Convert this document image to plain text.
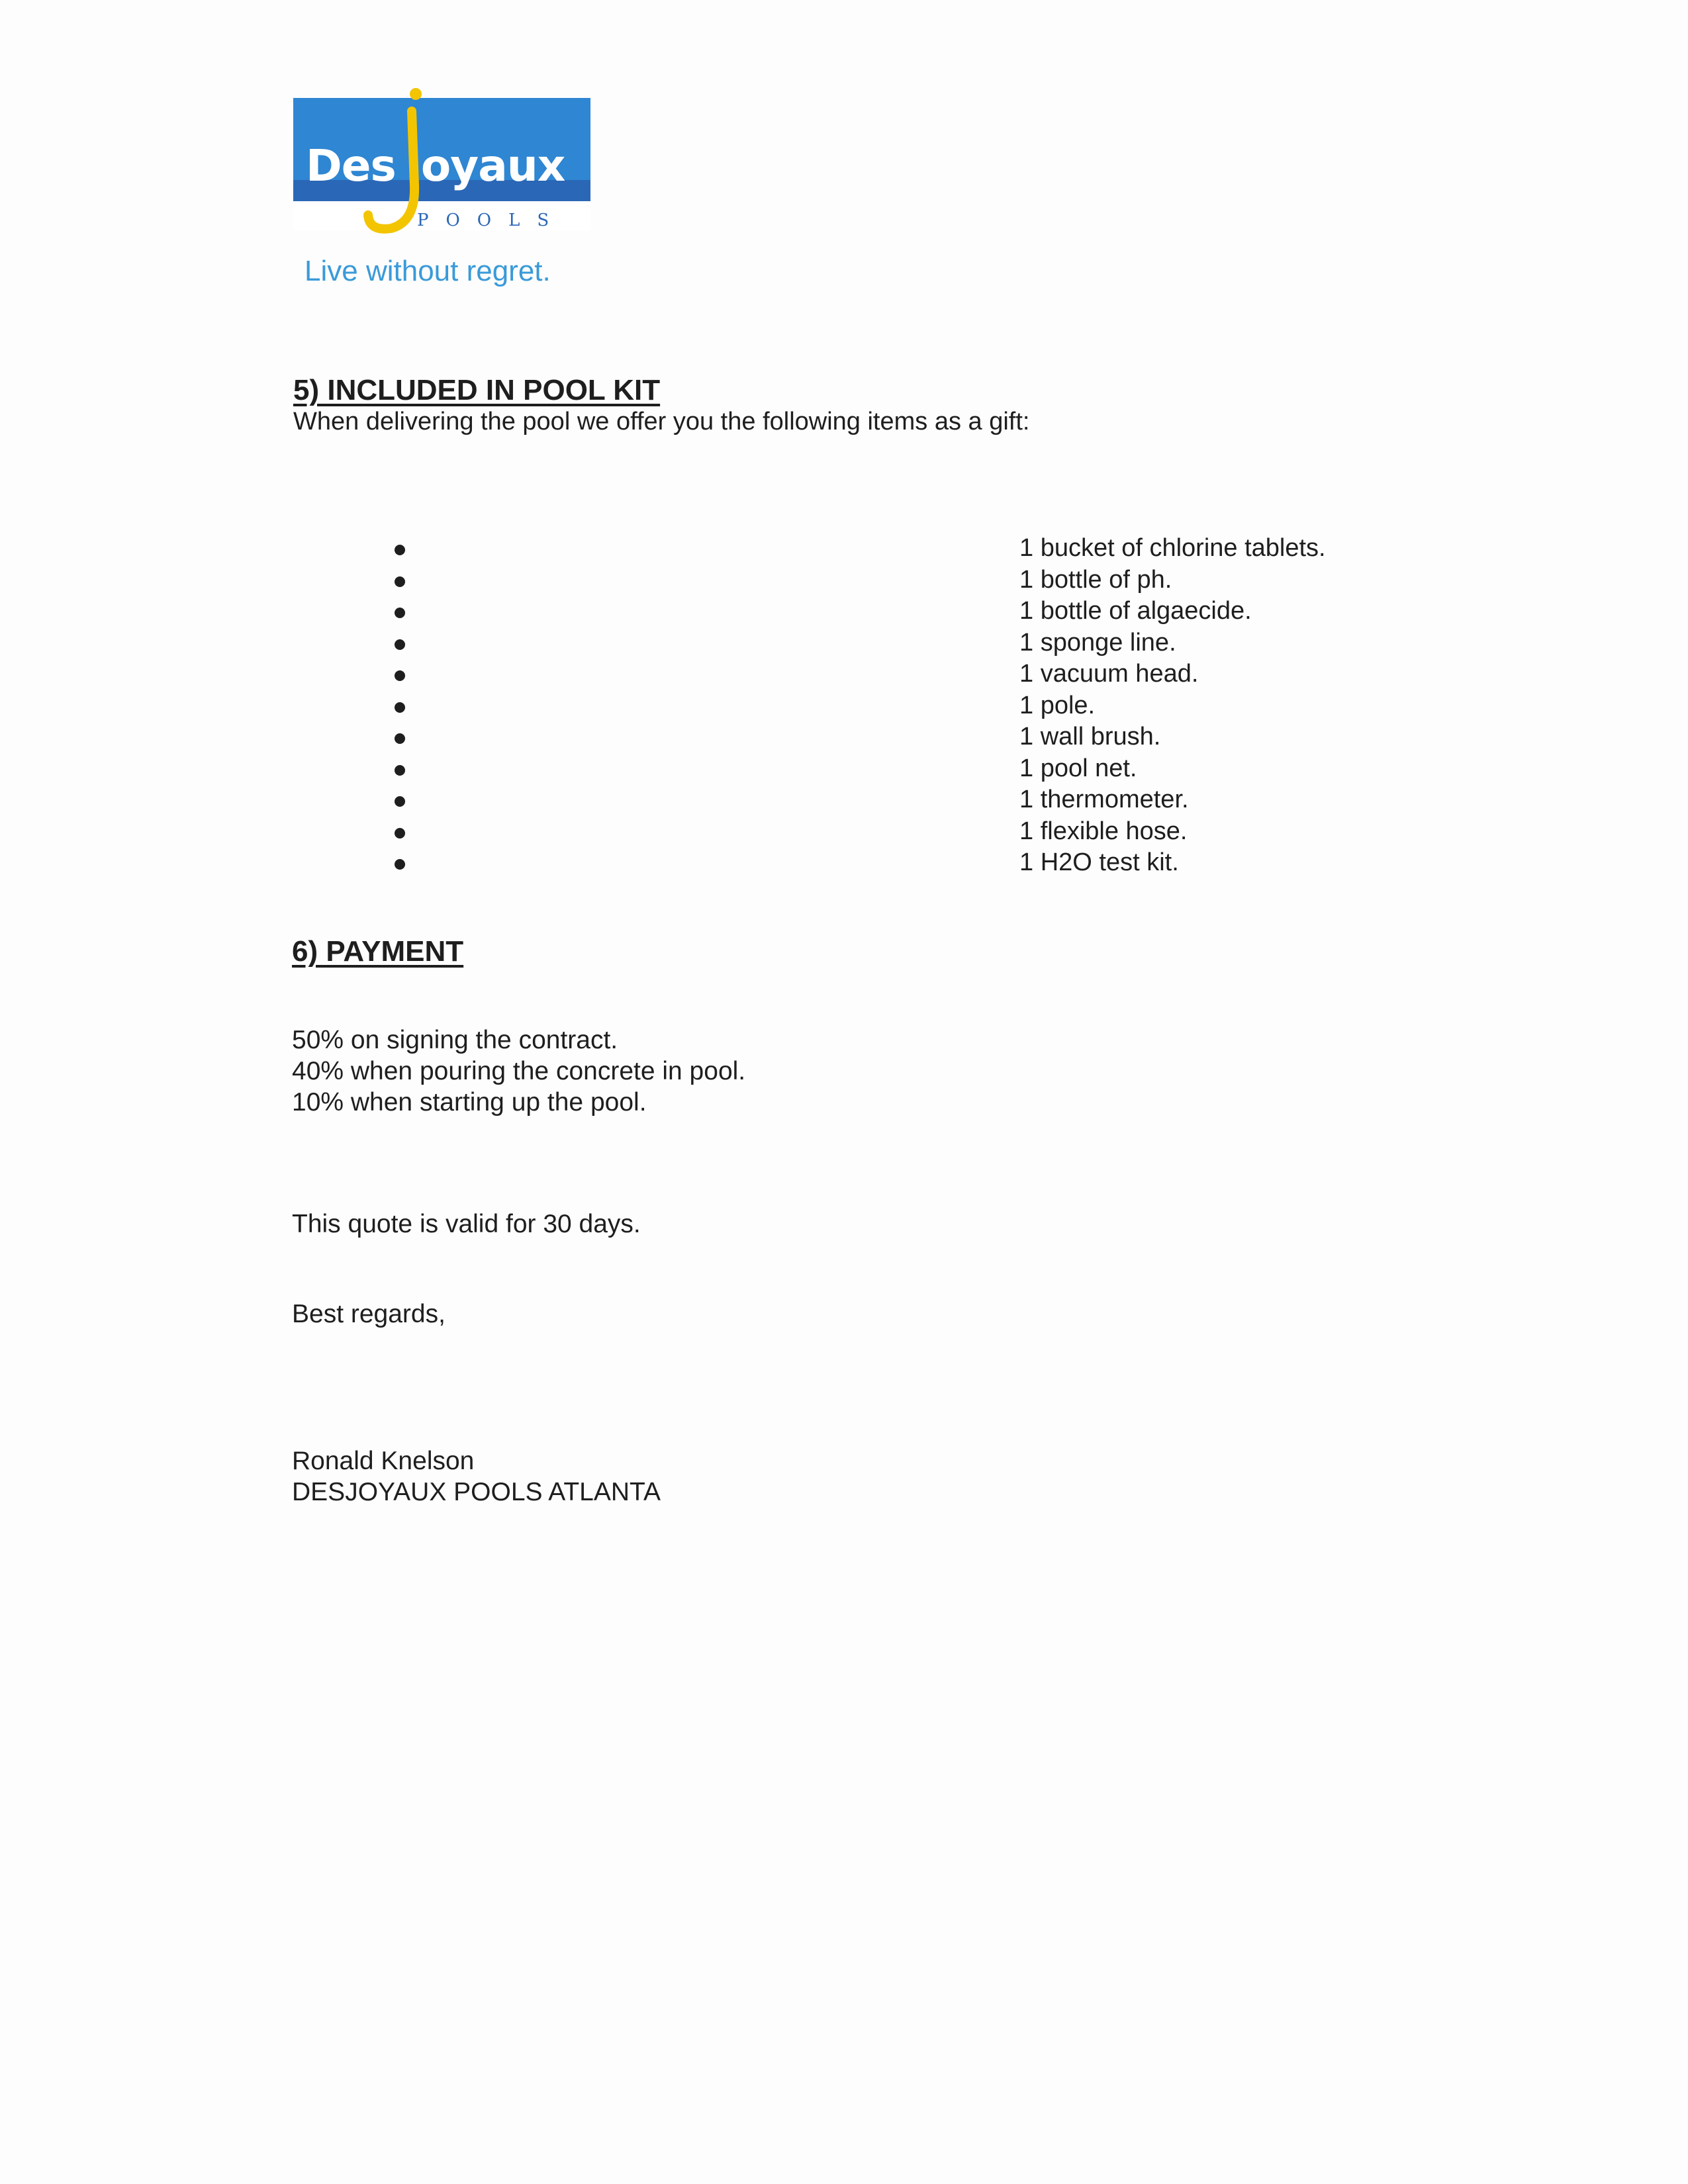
Des oyaux
POOLS
Live without regret.
5) INCLUDED IN POOL KIT
When delivering the pool we offer you the following items as a gift:
1 bucket of chlorine tablets.
1 bottle of ph.
1 bottle of algaecide.
1 sponge line.
1 vacuum head.
1 pole.
1 wall brush.
1 pool net.
1 thermometer.
1 flexible hose.
1 H2O test kit.
6) PAYMENT
50% on signing the contract.
40% when pouring the concrete in pool.
10% when starting up the pool.
This quote is valid for 30 days.
Best regards,
Ronald Knelson
DESJOYAUX POOLS ATLANTA
